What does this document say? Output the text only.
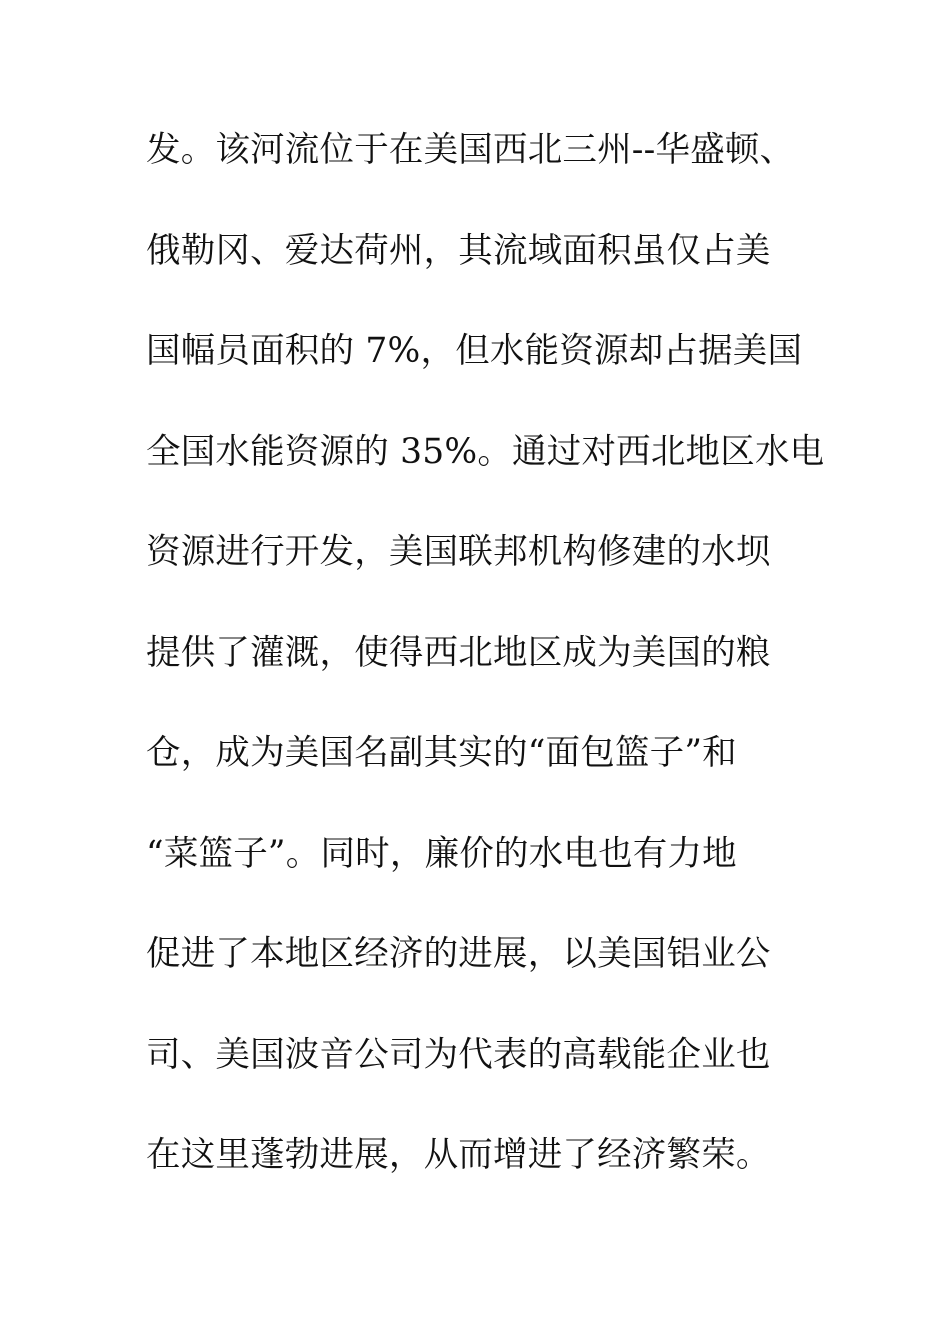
发。该河流位于在美国西北三州--华盛顿、
俄勒冈、爱达荷州，其流域面积虽仅占美
国幅员面积的 7%，但水能资源却占据美国
全国水能资源的 35%。通过对西北地区水电
资源进行开发，美国联邦机构修建的水坝
提供了灌溉，使得西北地区成为美国的粮
仓，成为美国名副其实的“面包篮子”和
“菜篮子”。同时，廉价的水电也有力地
促进了本地区经济的进展，以美国铝业公
司、美国波音公司为代表的高载能企业也
在这里蓬勃进展，从而增进了经济繁荣。
